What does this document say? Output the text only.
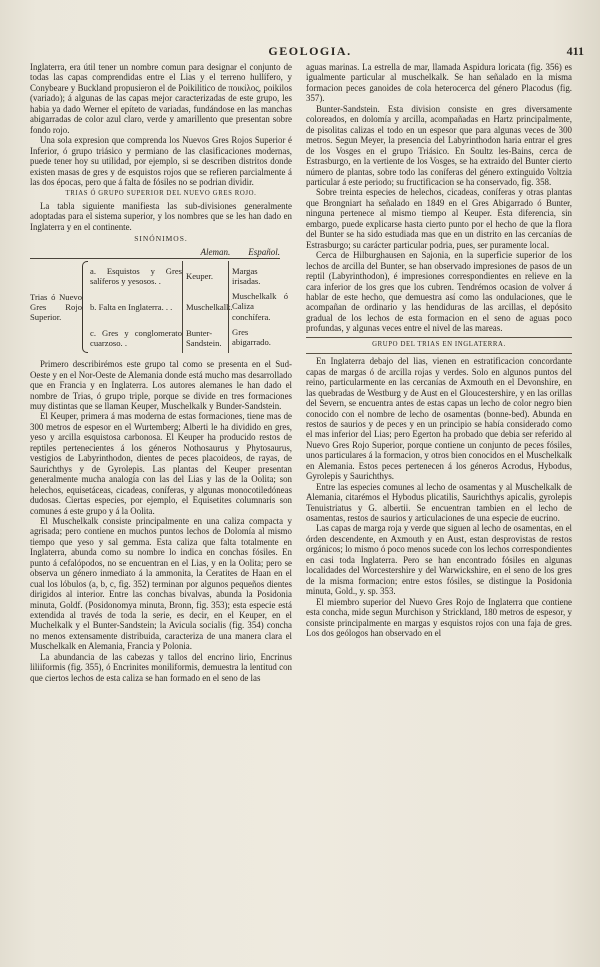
GEOLOGIA.	411

Inglaterra, era útil tener un nombre comun para designar el conjunto de todas las capas comprendidas entre el Lias y el terreno hullífero, y Conybeare y Buckland propusieron el de Poikilitico de ποικίλος, poikilos (variado); á algunas de las capas mejor caracterizadas de este grupo, les habia ya dado Werner el epíteto de variadas, fundándose en las manchas abigarradas de color azul claro, verde y amarillento que presentan sobre fondo rojo.

Una sola expresion que comprenda los Nuevos Gres Rojos Superior é Inferior, ó grupo triásico y permiano de las clasificaciones modernas, puede tener hoy su utilidad, por ejemplo, si se describen distritos donde existen masas de gres y de esquistos rojos que se refieren parcialmente á las dos épocas, pero que á falta de fósiles no se podrian dividir.

TRIAS Ó GRUPO SUPERIOR DEL NUEVO GRES ROJO.

La tabla siguiente manifiesta las sub-divisiones generalmente adoptadas para el sistema superior, y los nombres que se les han dado en Inglaterra y en el continente.

SINÓNIMOS.
Aleman. Español.
Trias ó Nuevo Gres Rojo Superior.
a. Esquistos y Gres salíferos y yesosos. .
b. Falta en Inglaterra. . .
c. Gres y conglomerato cuarzoso. .
Keuper.
Muschelkalk.
Bunter-Sandstein.
Margas irisadas.
Muschelkalk ó Caliza conchífera.
Gres abigarrado.

Primero describirémos este grupo tal como se presenta en el Sud-Oeste y en el Nor-Oeste de Alemania donde está mucho mas desarrollado que en Francia y en Inglaterra. Los autores alemanes le han dado el nombre de Trias, ó grupo triple, porque se divide en tres formaciones muy distintas que se llaman Keuper, Muschelkalk y Bunder-Sandstein.

El Keuper, primera á mas moderna de estas formaciones, tiene mas de 300 metros de espesor en el Wurtemberg; Alberti le ha dividido en gres, yeso y arcilla esquistosa carbonosa. El Keuper ha producido restos de reptiles pertenecientes á los géneros Nothosaurus y Phytosaurus, vestigios de Labyrinthodon, dientes de peces placoideos, de rayas, de Saurichthys y de Gyrolepis. Las plantas del Keuper presentan generalmente mucha analogía con las del Lias y las de la Oolita; son helechos, equisetáceas, cicadeas, coníferas, y algunas monocotiledóneas dudosas. Ciertas especies, por ejemplo, el Equisetites columnaris son comunes á este grupo y á la Oolita.

El Muschelkalk consiste principalmente en una caliza compacta y agrisada; pero contiene en muchos puntos lechos de Dolomía al mismo tiempo que yeso y sal gemma. Esta caliza que falta totalmente en Inglaterra, abunda como su nombre lo indica en conchas fósiles. En punto á cefalópodos, no se encuentran en el Lias, y en la Oolita; pero se observa un género inmediato á la ammonita, la Ceratites de Haan en el cual los lóbulos (a, b, c, fig. 352) terminan por algunos pequeños dientes dirigidos al interior. Entre las conchas bivalvas, abunda la Posidonia minuta, Goldf. (Posidonomya minuta, Bronn, fig. 353); esta especie está extendida al través de toda la serie, es decir, en el Keuper, en el Muchelkalk y el Bunter-Sandstein; la Avicula socialis (fig. 354) concha no menos extensamente distribuida, caracteriza de una manera clara el Muschelkalk en Alemania, Francia y Polonia.

La abundancia de las cabezas y tallos del encrino lirio, Encrinus liliiformis (fig. 355), ó Encrinites moniliformis, demuestra la lentitud con que ciertos lechos de esta caliza se han formado en el seno de las

aguas marinas. La estrella de mar, llamada Aspidura loricata (fig. 356) es igualmente particular al muschelkalk. Se han señalado en la misma formacion peces ganoides de cola heterocerca del género Placodus (fig. 357).

Bunter-Sandstein. Esta division consiste en gres diversamente coloreados, en dolomía y arcilla, acompañadas en Hartz principalmente, de pisolitas calizas el todo en un espesor que para algunas veces de 300 metros. Segun Meyer, la presencia del Labyrinthodon haria entrar el gres de los Vosges en el grupo Triásico. En Soultz les-Bains, cerca de Estrasburgo, en la vertiente de los Vosges, se ha extraido del Bunter cierto número de plantas, sobre todo las coníferas del género extinguido Voltzia particular á este periodo; su fructificacion se ha conservado, fig. 358.

Sobre treinta especies de helechos, cicadeas, coníferas y otras plantas que Brongniart ha señalado en 1849 en el Gres Abigarrado ó Bunter, ninguna pertenece al mismo tiempo al Keuper. Esta diferencia, sin embargo, puede explicarse hasta cierto punto por el hecho de que la flora del Bunter se ha sido estudiada mas que en un distrito en las cercanías de Estrasburgo; su carácter particular podria, pues, ser puramente local.

Cerca de Hilburghausen en Sajonia, en la superficie superior de los lechos de arcilla del Bunter, se han observado impresiones de pasos de un reptil (Labyrinthodon), é impresiones correspondientes en relieve en la cara inferior de los gres que los cubren. Tendrémos ocasion de volver á hablar de este hecho, que demuestra así como las ondulaciones, que le acompañan de ordinario y las hendiduras de las arcillas, el depósito gradual de los lechos de esta formacion en el seno de aguas poco profundas, y algunas veces entre el nivel de las mareas.

GRUPO DEL TRIAS EN INGLATERRA.

En Inglaterra debajo del lias, vienen en estratificacion concordante capas de margas ó de arcilla rojas y verdes. Solo en algunos puntos del reino, particularmente en las cercanías de Axmouth en el Devonshire, en las quebradas de Westburg y de Aust en el Gloucestershire, y en las orillas del Severn, se encuentra antes de estas capas un lecho de color negro bien conocido con el nombre de lecho de osamentas (bonne-bed). Abunda en restos de saurios y de peces y en un principio se había considerado como el mas inferior del Lias; pero Egerton ha probado que debia ser referido al Nuevo Gres Rojo Superior, porque contiene un conjunto de peces fósiles, unos particulares á la formacion, y otros bien conocidos en el Muschelkalk en Alemania. Estos peces pertenecen á los géneros Acrodus, Hybodus, Gyrolepis y Saurichthys.

Entre las especies comunes al lecho de osamentas y al Muschelkalk de Alemania, citarémos el Hybodus plicatilis, Saurichthys apicalis, gyrolepis Tenuistriatus y G. albertii. Se encuentran tambien en el lecho de osamentas, restos de saurios y articulaciones de una especie de eucrino.

Las capas de marga roja y verde que siguen al lecho de osamentas, en el órden descendente, en Axmouth y en Aust, estan desprovistas de restos orgánicos; lo mismo ó poco menos sucede con los lechos correspondientes en casi toda Inglaterra. Pero se han encontrado fósiles en algunas localidades del Worcestershire y del Warwickshire, en el seno de los gres de la misma formacion; entre estos fósiles, se distingue la Posidonia minuta, Gold., y. sp. 353.

El miembro superior del Nuevo Gres Rojo de Inglaterra que contiene esta concha, mide segun Murchison y Strickland, 180 metros de espesor, y consiste principalmente en margas y esquistos rojos con una faja de gres. Los dos geólogos han observado en el
